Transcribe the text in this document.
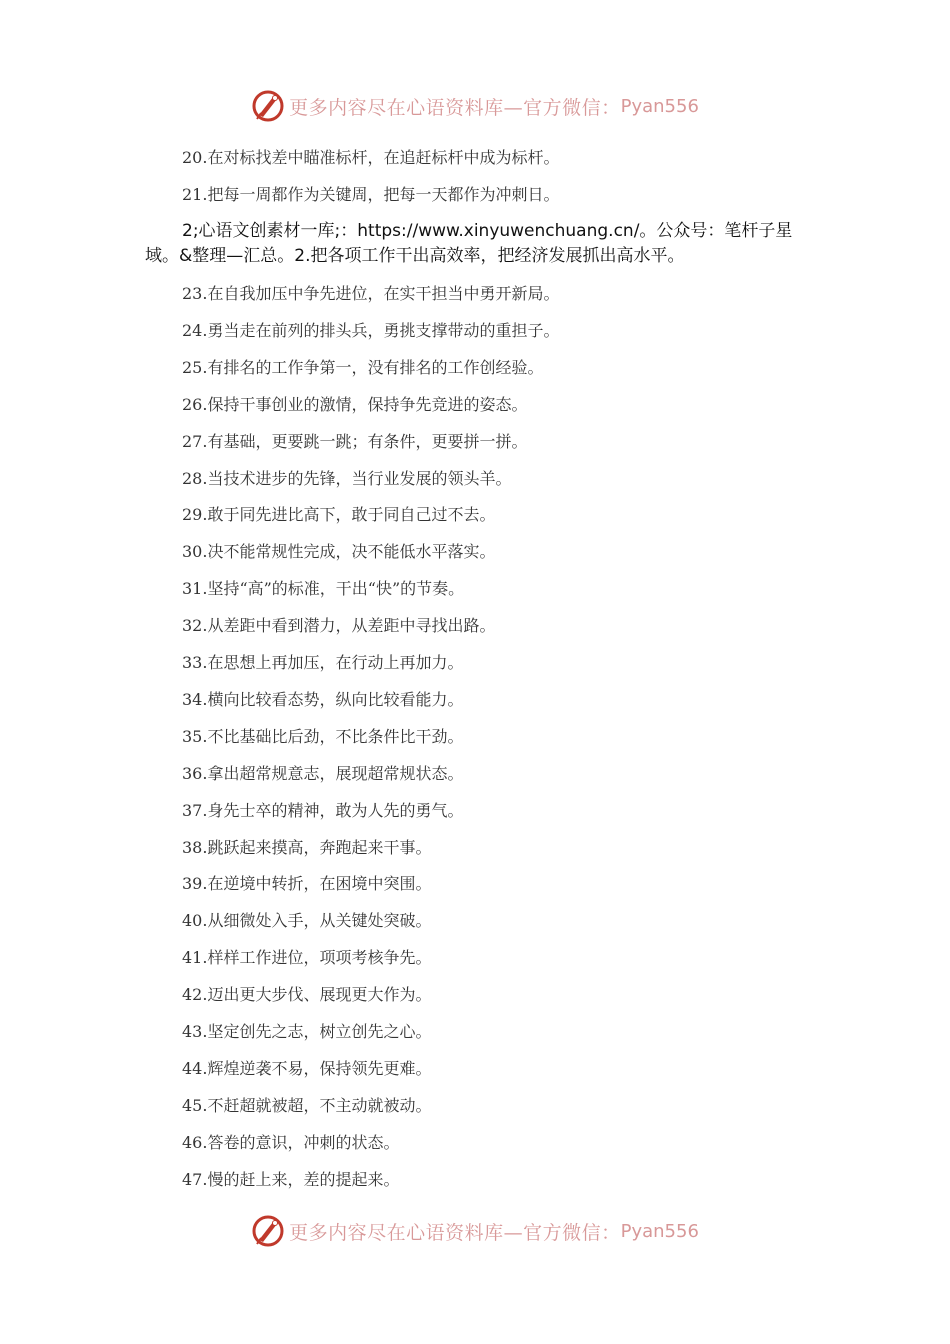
更多内容尽在心语资料库—官方微信： Pyan556
20.在对标找差中瞄准标杆，在追赶标杆中成为标杆。
21.把每一周都作为关键周，把每一天都作为冲刺日。
2;心语文创素材一库;：https://www.xinyuwenchuang.cn/。公众号：笔杆子星域。&整理—汇总。2.把各项工作干出高效率，把经济发展抓出高水平。
23.在自我加压中争先进位，在实干担当中勇开新局。
24.勇当走在前列的排头兵，勇挑支撑带动的重担子。
25.有排名的工作争第一，没有排名的工作创经验。
26.保持干事创业的激情，保持争先竞进的姿态。
27.有基础，更要跳一跳；有条件，更要拼一拼。
28.当技术进步的先锋，当行业发展的领头羊。
29.敢于同先进比高下，敢于同自己过不去。
30.决不能常规性完成，决不能低水平落实。
31.坚持“高”的标准，干出“快”的节奏。
32.从差距中看到潜力，从差距中寻找出路。
33.在思想上再加压，在行动上再加力。
34.横向比较看态势，纵向比较看能力。
35.不比基础比后劲，不比条件比干劲。
36.拿出超常规意志，展现超常规状态。
37.身先士卒的精神，敢为人先的勇气。
38.跳跃起来摸高，奔跑起来干事。
39.在逆境中转折，在困境中突围。
40.从细微处入手，从关键处突破。
41.样样工作进位，项项考核争先。
42.迈出更大步伐、展现更大作为。
43.坚定创先之志，树立创先之心。
44.辉煌逆袭不易，保持领先更难。
45.不赶超就被超，不主动就被动。
46.答卷的意识，冲刺的状态。
47.慢的赶上来，差的提起来。
更多内容尽在心语资料库—官方微信： Pyan556
